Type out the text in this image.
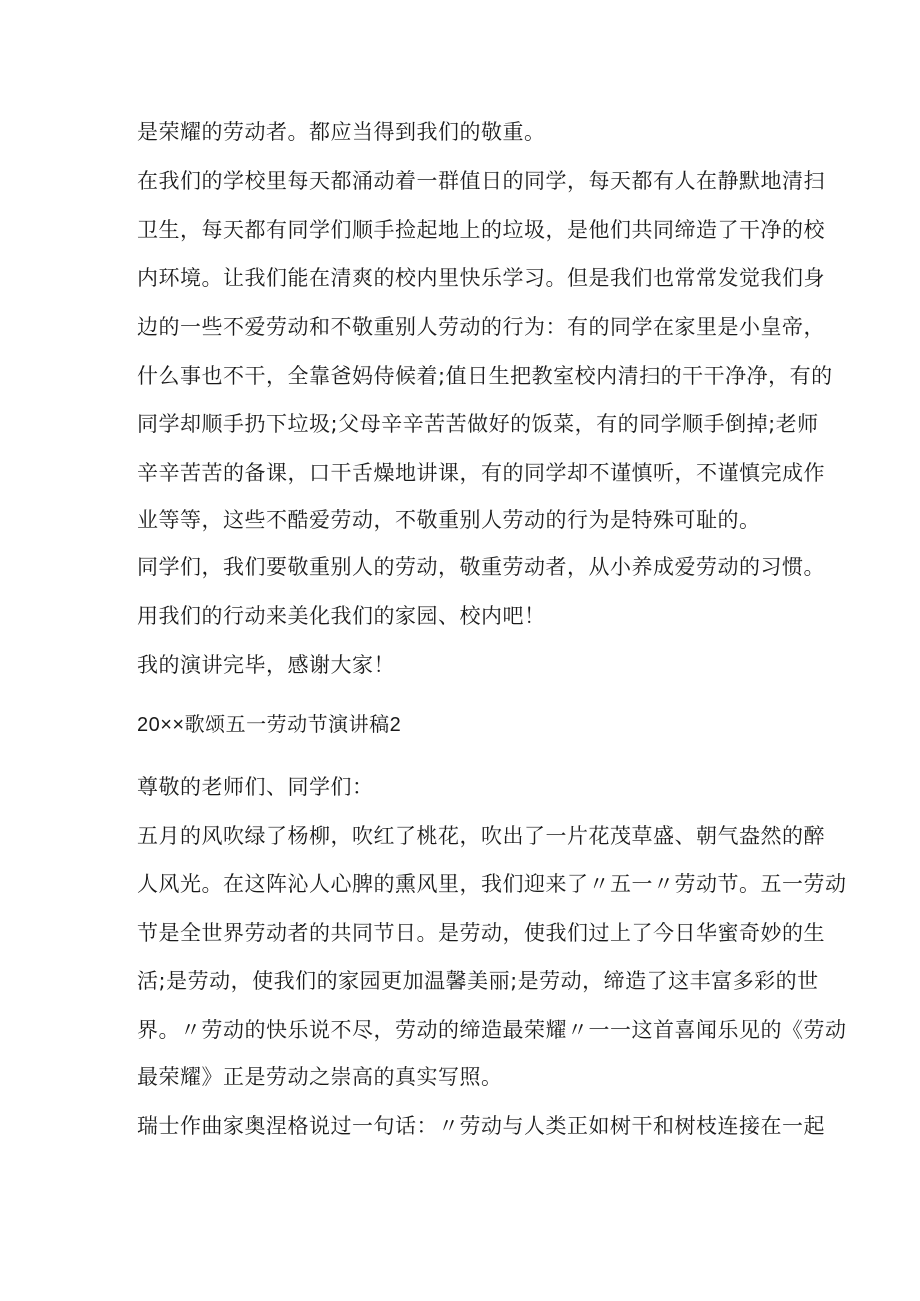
是荣耀的劳动者。都应当得到我们的敬重。
在我们的学校里每天都涌动着一群值日的同学，每天都有人在静默地清扫
卫生，每天都有同学们顺手捡起地上的垃圾，是他们共同缔造了干净的校
内环境。让我们能在清爽的校内里快乐学习。但是我们也常常发觉我们身
边的一些不爱劳动和不敬重别人劳动的行为：有的同学在家里是小皇帝，
什么事也不干，全靠爸妈侍候着;值日生把教室校内清扫的干干净净，有的
同学却顺手扔下垃圾;父母辛辛苦苦做好的饭菜，有的同学顺手倒掉;老师
辛辛苦苦的备课，口干舌燥地讲课，有的同学却不谨慎听，不谨慎完成作
业等等，这些不酷爱劳动，不敬重别人劳动的行为是特殊可耻的。
同学们，我们要敬重别人的劳动，敬重劳动者，从小养成爱劳动的习惯。
用我们的行动来美化我们的家园、校内吧！
我的演讲完毕，感谢大家！
20××歌颂五一劳动节演讲稿2
尊敬的老师们、同学们：
五月的风吹绿了杨柳，吹红了桃花，吹出了一片花茂草盛、朝气盎然的醉
人风光。在这阵沁人心脾的熏风里，我们迎来了〃五一〃劳动节。五一劳动
节是全世界劳动者的共同节日。是劳动，使我们过上了今日华蜜奇妙的生
活;是劳动，使我们的家园更加温馨美丽;是劳动，缔造了这丰富多彩的世
界。〃劳动的快乐说不尽，劳动的缔造最荣耀〃一一这首喜闻乐见的《劳动
最荣耀》正是劳动之崇高的真实写照。
瑞士作曲家奥涅格说过一句话：〃劳动与人类正如树干和树枝连接在一起
